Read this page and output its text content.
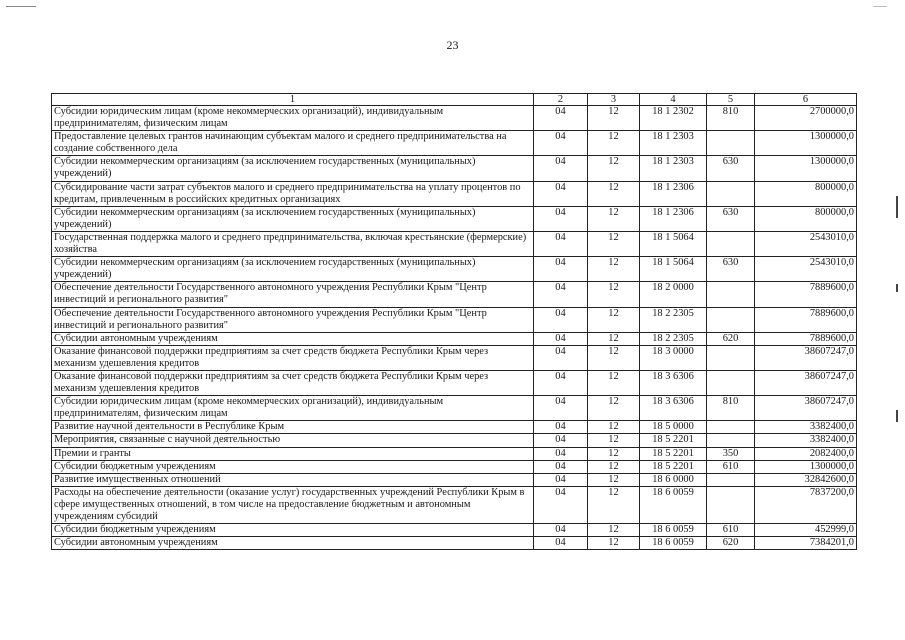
23
1	2	3	4	5	6
Субсидии юридическим лицам (кроме некоммерческих организаций), индивидуальным предпринимателям, физическим лицам	04	12	18 1 2302	810	2700000,0
Предоставление целевых грантов начинающим субъектам малого и среднего предпринимательства на создание собственного дела	04	12	18 1 2303		1300000,0
Субсидии некоммерческим организациям (за исключением государственных (муниципальных) учреждений)	04	12	18 1 2303	630	1300000,0
Субсидирование части затрат субъектов малого и среднего предпринимательства на уплату процентов по кредитам, привлеченным в российских кредитных организациях	04	12	18 1 2306		800000,0
Субсидии некоммерческим организациям (за исключением государственных (муниципальных) учреждений)	04	12	18 1 2306	630	800000,0
Государственная поддержка малого и среднего предпринимательства, включая крестьянские (фермерские) хозяйства	04	12	18 1 5064		2543010,0
Субсидии некоммерческим организациям (за исключением государственных (муниципальных) учреждений)	04	12	18 1 5064	630	2543010,0
Обеспечение деятельности Государственного автономного учреждения Республики Крым "Центр инвестиций и регионального развития"	04	12	18 2 0000		7889600,0
Обеспечение деятельности Государственного автономного учреждения Республики Крым "Центр инвестиций и регионального развития"	04	12	18 2 2305		7889600,0
Субсидии автономным учреждениям	04	12	18 2 2305	620	7889600,0
Оказание финансовой поддержки предприятиям за счет средств бюджета Республики Крым через механизм удешевления кредитов	04	12	18 3 0000		38607247,0
Оказание финансовой поддержки предприятиям за счет средств бюджета Республики Крым через механизм удешевления кредитов	04	12	18 3 6306		38607247,0
Субсидии юридическим лицам (кроме некоммерческих организаций), индивидуальным предпринимателям, физическим лицам	04	12	18 3 6306	810	38607247,0
Развитие научной деятельности в Республике Крым	04	12	18 5 0000		3382400,0
Мероприятия, связанные с научной деятельностью	04	12	18 5 2201		3382400,0
Премии и гранты	04	12	18 5 2201	350	2082400,0
Субсидии бюджетным учреждениям	04	12	18 5 2201	610	1300000,0
Развитие имущественных отношений	04	12	18 6 0000		32842600,0
Расходы на обеспечение деятельности (оказание услуг) государственных учреждений Республики Крым в сфере имущественных отношений, в том числе на предоставление бюджетным и автономным учреждениям субсидий	04	12	18 6 0059		7837200,0
Субсидии бюджетным учреждениям	04	12	18 6 0059	610	452999,0
Субсидии автономным учреждениям	04	12	18 6 0059	620	7384201,0
